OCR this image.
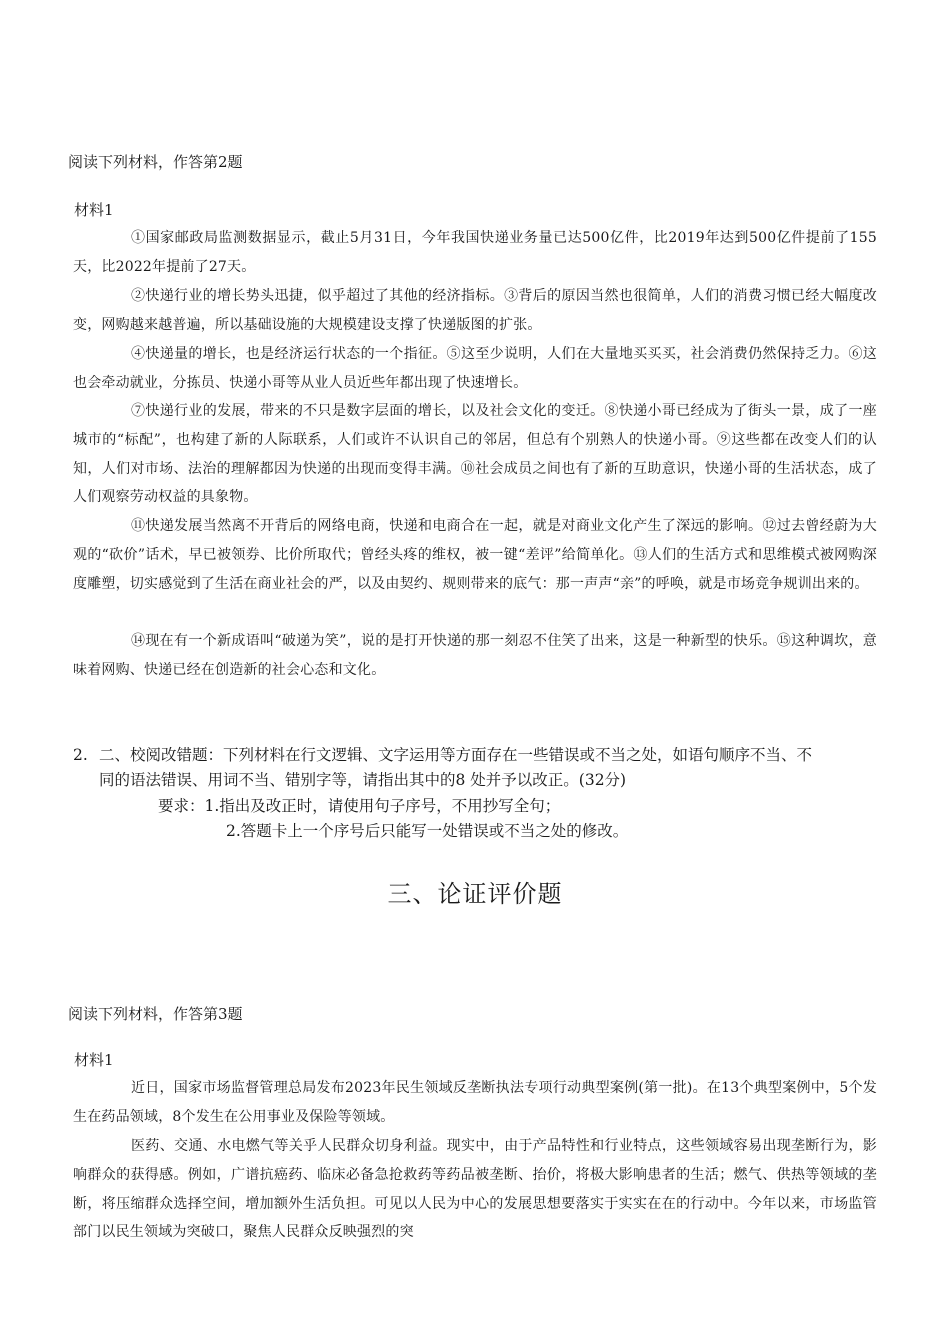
阅读下列材料，作答第2题
材料1
①国家邮政局监测数据显示，截止5月31日，今年我国快递业务量已达500亿件，比2019年达到500亿件提前了155天，比2022年提前了27天。
②快递行业的增长势头迅捷，似乎超过了其他的经济指标。③背后的原因当然也很简单，人们的消费习惯已经大幅度改变，网购越来越普遍，所以基础设施的大规模建设支撑了快递版图的扩张。
④快递量的增长，也是经济运行状态的一个指征。⑤这至少说明，人们在大量地买买买，社会消费仍然保持乏力。⑥这也会牵动就业，分拣员、快递小哥等从业人员近些年都出现了快速增长。
⑦快递行业的发展，带来的不只是数字层面的增长，以及社会文化的变迁。⑧快递小哥已经成为了街头一景，成了一座城市的“标配”，也构建了新的人际联系，人们或许不认识自己的邻居，但总有个别熟人的快递小哥。⑨这些都在改变人们的认知，人们对市场、法治的理解都因为快递的出现而变得丰满。⑩社会成员之间也有了新的互助意识，快递小哥的生活状态，成了人们观察劳动权益的具象物。
⑪快递发展当然离不开背后的网络电商，快递和电商合在一起，就是对商业文化产生了深远的影响。⑫过去曾经蔚为大观的“砍价”话术，早已被领券、比价所取代；曾经头疼的维权，被一键“差评”给简单化。⑬人们的生活方式和思维模式被网购深度雕塑，切实感觉到了生活在商业社会的严，以及由契约、规则带来的底气：那一声声“亲”的呼唤，就是市场竞争规训出来的。
⑭现在有一个新成语叫“破递为笑”，说的是打开快递的那一刻忍不住笑了出来，这是一种新型的快乐。⑮这种调坎，意味着网购、快递已经在创造新的社会心态和文化。
2. 二、校阅改错题：下列材料在行文逻辑、文字运用等方面存在一些错误或不当之处，如语句顺序不当、不
同的语法错误、用词不当、错别字等，请指出其中的8 处并予以改正。(32分)
要求：1.指出及改正时，请使用句子序号，不用抄写全句；
2.答题卡上一个序号后只能写一处错误或不当之处的修改。
三、论证评价题
阅读下列材料，作答第3题
材料1
近日，国家市场监督管理总局发布2023年民生领域反垄断执法专项行动典型案例(第一批)。在13个典型案例中，5个发生在药品领域，8个发生在公用事业及保险等领域。
医药、交通、水电燃气等关乎人民群众切身利益。现实中，由于产品特性和行业特点，这些领域容易出现垄断行为，影响群众的获得感。例如，广谱抗癌药、临床必备急抢救药等药品被垄断、抬价，将极大影响患者的生活；燃气、供热等领域的垄断，将压缩群众选择空间，增加额外生活负担。可见以人民为中心的发展思想要落实于实实在在的行动中。今年以来，市场监管部门以民生领域为突破口，聚焦人民群众反映强烈的突
